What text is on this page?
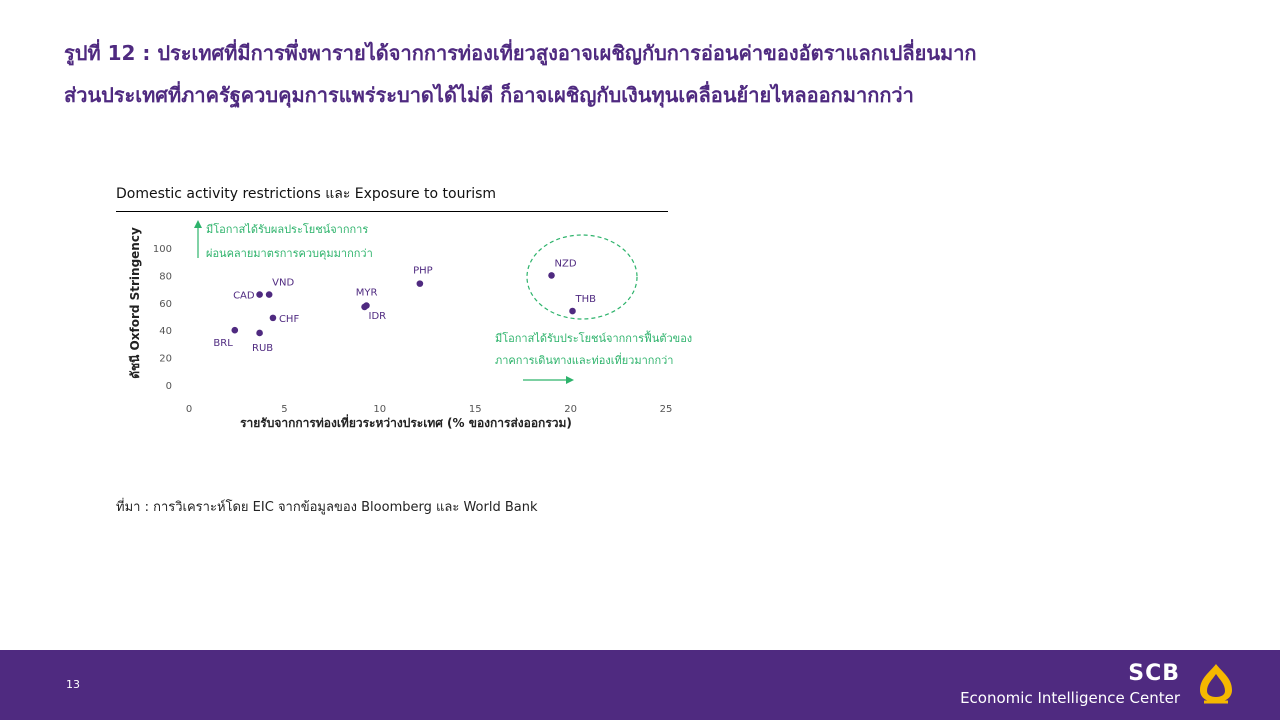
รูปที่ 12 : ประเทศที่มีการพึ่งพารายได้จากการท่องเที่ยวสูงอาจเผชิญกับการอ่อนค่าของอัตราแลกเปลี่ยนมาก
ส่วนประเทศที่ภาครัฐควบคุมการแพร่ระบาดได้ไม่ดี ก็อาจเผชิญกับเงินทุนเคลื่อนย้ายไหลออกมากกว่า
Domestic activity restrictions และ Exposure to tourism
ดัชนี Oxford Stringency
0
20
40
60
80
100
0	5	10	15	20	25
มีโอกาสได้รับผลประโยชน์จากการ
ผ่อนคลายมาตรการควบคุมมากกว่า
มีโอกาสได้รับประโยชน์จากการฟื้นตัวของ
ภาคการเดินทางและท่องเที่ยวมากกว่า
CAD
VND
CHF
BRL RUB
MYR
IDR
PHP
NZD
THB
รายรับจากการท่องเที่ยวระหว่างประเทศ (% ของการส่งออกรวม)
ที่มา : การวิเคราะห์โดย EIC จากข้อมูลของ Bloomberg และ World Bank
13	SCB
Economic Intelligence Center
